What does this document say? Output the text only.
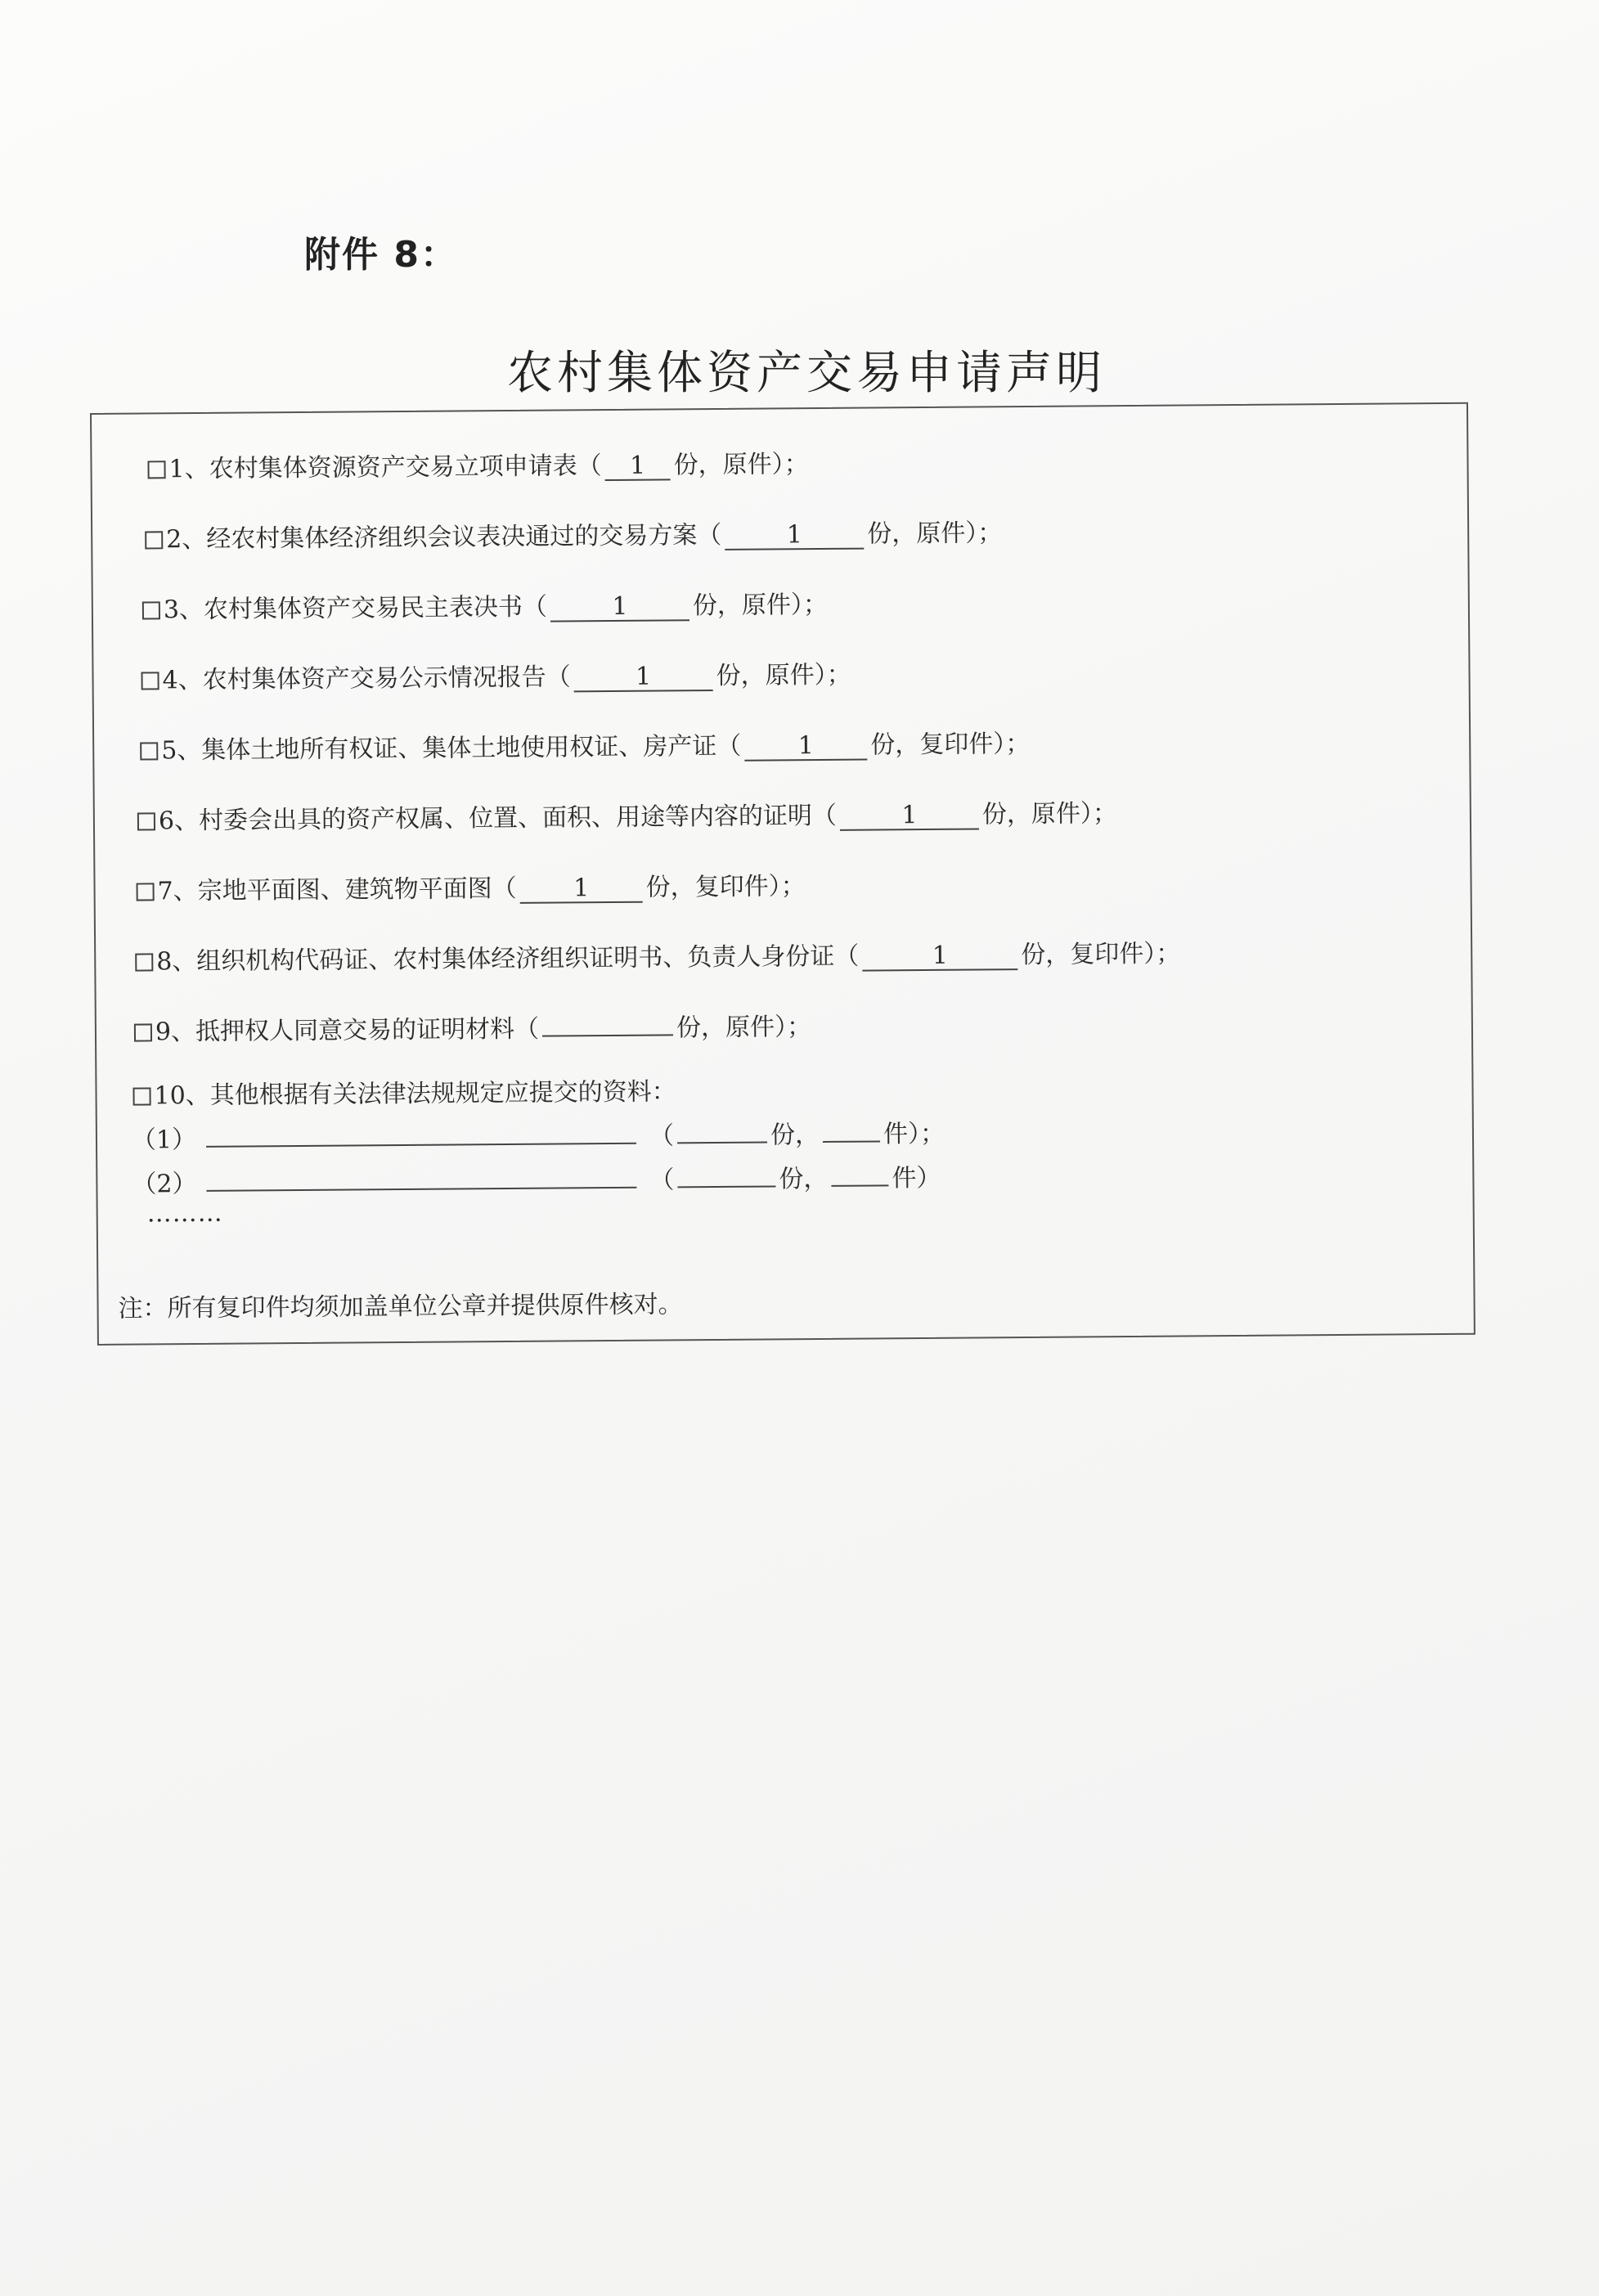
附件 8：
农村集体资产交易申请声明
1、农村集体资源资产交易立项申请表（	1	份，原件）；
2、经农村集体经济组织会议表决通过的交易方案（	1	份，原件）；
3、农村集体资产交易民主表决书（	1	份，原件）；
4、农村集体资产交易公示情况报告（	1	份，原件）；
5、集体土地所有权证、集体土地使用权证、房产证（	1	份，复印件）；
6、村委会出具的资产权属、位置、面积、用途等内容的证明（	1	份，原件）；
7、宗地平面图、建筑物平面图（	1	份，复印件）；
8、组织机构代码证、农村集体经济组织证明书、负责人身份证（	1	份，复印件）；
9、抵押权人同意交易的证明材料（	份，原件）；
10、其他根据有关法律法规规定应提交的资料：
（1）	（	份，	件）；
（2）	（	份，	件）
………
注：所有复印件均须加盖单位公章并提供原件核对。
